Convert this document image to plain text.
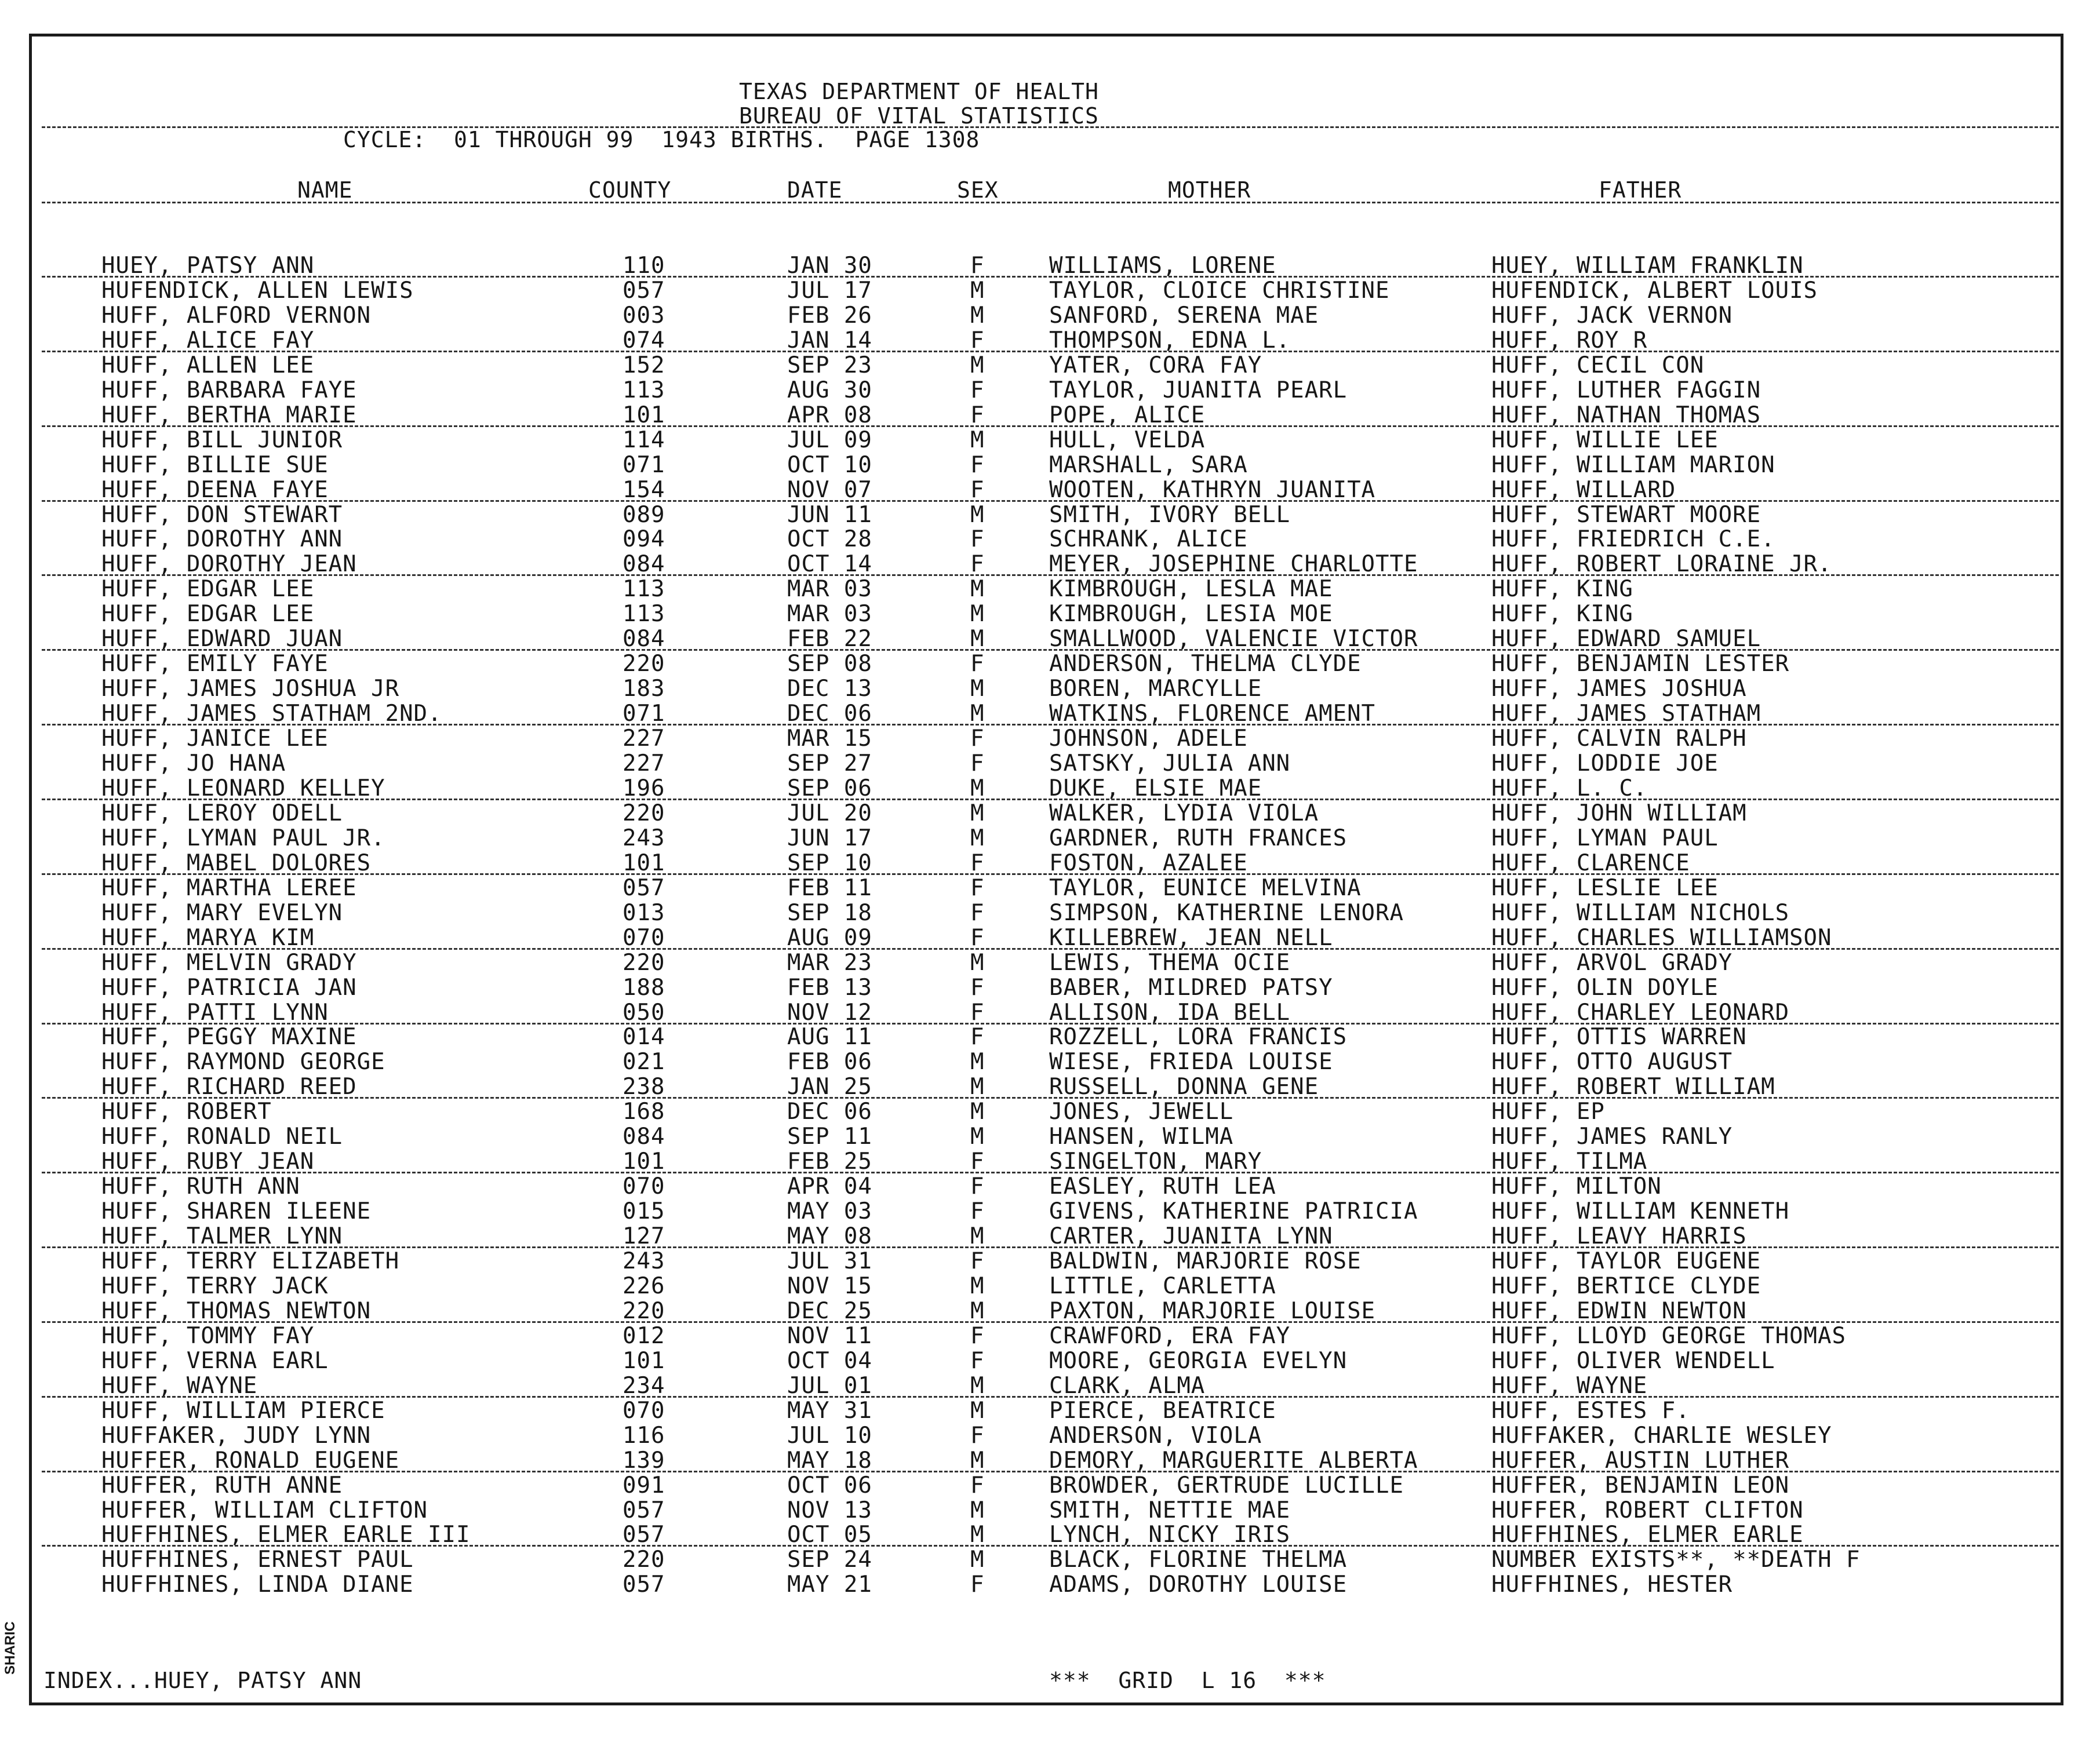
TEXAS DEPARTMENT OF HEALTH
BUREAU OF VITAL STATISTICS
CYCLE:  01 THROUGH 99  1943 BIRTHS.  PAGE 1308
NAME	COUNTY	DATE	SEX	MOTHER	FATHER
HUEY, PATSY ANN	110	JAN 30	F	WILLIAMS, LORENE	HUEY, WILLIAM FRANKLIN
HUFENDICK, ALLEN LEWIS	057	JUL 17	M	TAYLOR, CLOICE CHRISTINE	HUFENDICK, ALBERT LOUIS
HUFF, ALFORD VERNON	003	FEB 26	M	SANFORD, SERENA MAE	HUFF, JACK VERNON
HUFF, ALICE FAY	074	JAN 14	F	THOMPSON, EDNA L.	HUFF, ROY R
HUFF, ALLEN LEE	152	SEP 23	M	YATER, CORA FAY	HUFF, CECIL CON
HUFF, BARBARA FAYE	113	AUG 30	F	TAYLOR, JUANITA PEARL	HUFF, LUTHER FAGGIN
HUFF, BERTHA MARIE	101	APR 08	F	POPE, ALICE	HUFF, NATHAN THOMAS
HUFF, BILL JUNIOR	114	JUL 09	M	HULL, VELDA	HUFF, WILLIE LEE
HUFF, BILLIE SUE	071	OCT 10	F	MARSHALL, SARA	HUFF, WILLIAM MARION
HUFF, DEENA FAYE	154	NOV 07	F	WOOTEN, KATHRYN JUANITA	HUFF, WILLARD
HUFF, DON STEWART	089	JUN 11	M	SMITH, IVORY BELL	HUFF, STEWART MOORE
HUFF, DOROTHY ANN	094	OCT 28	F	SCHRANK, ALICE	HUFF, FRIEDRICH C.E.
HUFF, DOROTHY JEAN	084	OCT 14	F	MEYER, JOSEPHINE CHARLOTTE	HUFF, ROBERT LORAINE JR.
HUFF, EDGAR LEE	113	MAR 03	M	KIMBROUGH, LESLA MAE	HUFF, KING
HUFF, EDGAR LEE	113	MAR 03	M	KIMBROUGH, LESIA MOE	HUFF, KING
HUFF, EDWARD JUAN	084	FEB 22	M	SMALLWOOD, VALENCIE VICTOR	HUFF, EDWARD SAMUEL
HUFF, EMILY FAYE	220	SEP 08	F	ANDERSON, THELMA CLYDE	HUFF, BENJAMIN LESTER
HUFF, JAMES JOSHUA JR	183	DEC 13	M	BOREN, MARCYLLE	HUFF, JAMES JOSHUA
HUFF, JAMES STATHAM 2ND.	071	DEC 06	M	WATKINS, FLORENCE AMENT	HUFF, JAMES STATHAM
HUFF, JANICE LEE	227	MAR 15	F	JOHNSON, ADELE	HUFF, CALVIN RALPH
HUFF, JO HANA	227	SEP 27	F	SATSKY, JULIA ANN	HUFF, LODDIE JOE
HUFF, LEONARD KELLEY	196	SEP 06	M	DUKE, ELSIE MAE	HUFF, L. C.
HUFF, LEROY ODELL	220	JUL 20	M	WALKER, LYDIA VIOLA	HUFF, JOHN WILLIAM
HUFF, LYMAN PAUL JR.	243	JUN 17	M	GARDNER, RUTH FRANCES	HUFF, LYMAN PAUL
HUFF, MABEL DOLORES	101	SEP 10	F	FOSTON, AZALEE	HUFF, CLARENCE
HUFF, MARTHA LEREE	057	FEB 11	F	TAYLOR, EUNICE MELVINA	HUFF, LESLIE LEE
HUFF, MARY EVELYN	013	SEP 18	F	SIMPSON, KATHERINE LENORA	HUFF, WILLIAM NICHOLS
HUFF, MARYA KIM	070	AUG 09	F	KILLEBREW, JEAN NELL	HUFF, CHARLES WILLIAMSON
HUFF, MELVIN GRADY	220	MAR 23	M	LEWIS, THEMA OCIE	HUFF, ARVOL GRADY
HUFF, PATRICIA JAN	188	FEB 13	F	BABER, MILDRED PATSY	HUFF, OLIN DOYLE
HUFF, PATTI LYNN	050	NOV 12	F	ALLISON, IDA BELL	HUFF, CHARLEY LEONARD
HUFF, PEGGY MAXINE	014	AUG 11	F	ROZZELL, LORA FRANCIS	HUFF, OTTIS WARREN
HUFF, RAYMOND GEORGE	021	FEB 06	M	WIESE, FRIEDA LOUISE	HUFF, OTTO AUGUST
HUFF, RICHARD REED	238	JAN 25	M	RUSSELL, DONNA GENE	HUFF, ROBERT WILLIAM
HUFF, ROBERT	168	DEC 06	M	JONES, JEWELL	HUFF, EP
HUFF, RONALD NEIL	084	SEP 11	M	HANSEN, WILMA	HUFF, JAMES RANLY
HUFF, RUBY JEAN	101	FEB 25	F	SINGELTON, MARY	HUFF, TILMA
HUFF, RUTH ANN	070	APR 04	F	EASLEY, RUTH LEA	HUFF, MILTON
HUFF, SHAREN ILEENE	015	MAY 03	F	GIVENS, KATHERINE PATRICIA	HUFF, WILLIAM KENNETH
HUFF, TALMER LYNN	127	MAY 08	M	CARTER, JUANITA LYNN	HUFF, LEAVY HARRIS
HUFF, TERRY ELIZABETH	243	JUL 31	F	BALDWIN, MARJORIE ROSE	HUFF, TAYLOR EUGENE
HUFF, TERRY JACK	226	NOV 15	M	LITTLE, CARLETTA	HUFF, BERTICE CLYDE
HUFF, THOMAS NEWTON	220	DEC 25	M	PAXTON, MARJORIE LOUISE	HUFF, EDWIN NEWTON
HUFF, TOMMY FAY	012	NOV 11	F	CRAWFORD, ERA FAY	HUFF, LLOYD GEORGE THOMAS
HUFF, VERNA EARL	101	OCT 04	F	MOORE, GEORGIA EVELYN	HUFF, OLIVER WENDELL
HUFF, WAYNE	234	JUL 01	M	CLARK, ALMA	HUFF, WAYNE
HUFF, WILLIAM PIERCE	070	MAY 31	M	PIERCE, BEATRICE	HUFF, ESTES F.
HUFFAKER, JUDY LYNN	116	JUL 10	F	ANDERSON, VIOLA	HUFFAKER, CHARLIE WESLEY
HUFFER, RONALD EUGENE	139	MAY 18	M	DEMORY, MARGUERITE ALBERTA	HUFFER, AUSTIN LUTHER
HUFFER, RUTH ANNE	091	OCT 06	F	BROWDER, GERTRUDE LUCILLE	HUFFER, BENJAMIN LEON
HUFFER, WILLIAM CLIFTON	057	NOV 13	M	SMITH, NETTIE MAE	HUFFER, ROBERT CLIFTON
HUFFHINES, ELMER EARLE III	057	OCT 05	M	LYNCH, NICKY IRIS	HUFFHINES, ELMER EARLE
HUFFHINES, ERNEST PAUL	220	SEP 24	M	BLACK, FLORINE THELMA	NUMBER EXISTS**, **DEATH F
HUFFHINES, LINDA DIANE	057	MAY 21	F	ADAMS, DOROTHY LOUISE	HUFFHINES, HESTER
INDEX...HUEY, PATSY ANN	***  GRID  L 16  ***
SHARIC
